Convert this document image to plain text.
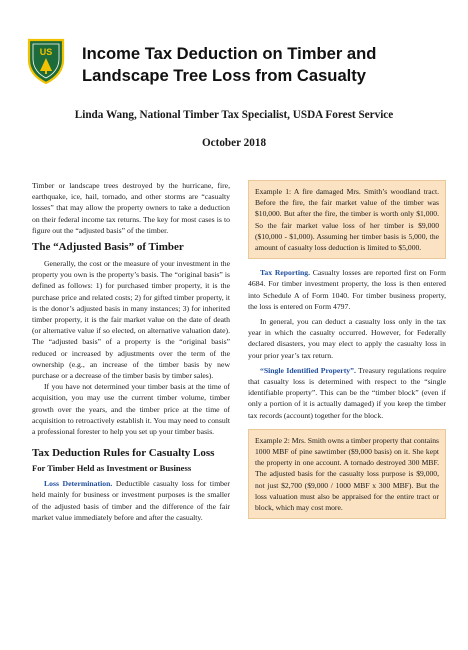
US Income Tax Deduction on Timber and Landscape Tree Loss from Casualty
Linda Wang, National Timber Tax Specialist, USDA Forest Service
October 2018

Timber or landscape trees destroyed by the hurricane, fire, earthquake, ice, hail, tornado, and other storms are “casualty losses” that may allow the property owners to take a deduction on their federal income tax returns. The key for most cases is to figure out the “adjusted basis” of the timber.

The “Adjusted Basis” of Timber

Generally, the cost or the measure of your investment in the property you own is the property’s basis. The “original basis” is defined as follows: 1) for purchased timber property, it is the purchase price and related costs; 2) for gifted timber property, it is the donor’s adjusted basis in many instances; 3) for inherited timber property, it is the fair market value on the date of death (or alternative value if so elected, on alternative valuation date). The “adjusted basis” of a property is the “original basis” reduced or increased by adjustments over the term of the ownership (e.g., an increase of the timber basis by new purchase or a decrease of the timber basis by timber sales).

If you have not determined your timber basis at the time of acquisition, you may use the current timber volume, timber growth over the years, and the timber price at the time of acquisition to retroactively establish it. You may need to consult a professional forester to help you set up your timber basis.

Tax Deduction Rules for Casualty Loss

For Timber Held as Investment or Business

Loss Determination. Deductible casualty loss for timber held mainly for business or investment purposes is the smaller of the adjusted basis of timber and the difference of the fair market value immediately before and after the casualty.

Example 1: A fire damaged Mrs. Smith’s woodland tract. Before the fire, the fair market value of the timber was $10,000. But after the fire, the timber is worth only $1,000. So the fair market value loss of her timber is $9,000 ($10,000 - $1,000). Assuming her timber basis is 5,000, the amount of casualty loss deduction is limited to $5,000.

Tax Reporting. Casualty losses are reported first on Form 4684. For timber investment property, the loss is then entered into Schedule A of Form 1040. For timber business property, the loss is entered on Form 4797.

In general, you can deduct a casualty loss only in the tax year in which the casualty occurred. However, for Federally declared disasters, you may elect to apply the casualty loss in your prior year’s tax return.

“Single Identified Property”. Treasury regulations require that casualty loss is determined with respect to the “single identifiable property”. This can be the “timber block” (even if only a portion of it is actually damaged) if you keep the timber tax records (account) together for the block.

Example 2: Mrs. Smith owns a timber property that contains 1000 MBF of pine sawtimber ($9,000 basis) on it. She kept the property in one account. A tornado destroyed 300 MBF. The adjusted basis for the casualty loss purpose is $9,000, not just $2,700 ($9,000 / 1000 MBF x 300 MBF). But the loss valuation must also be appraised for the entire tract or block, which may cost more.
